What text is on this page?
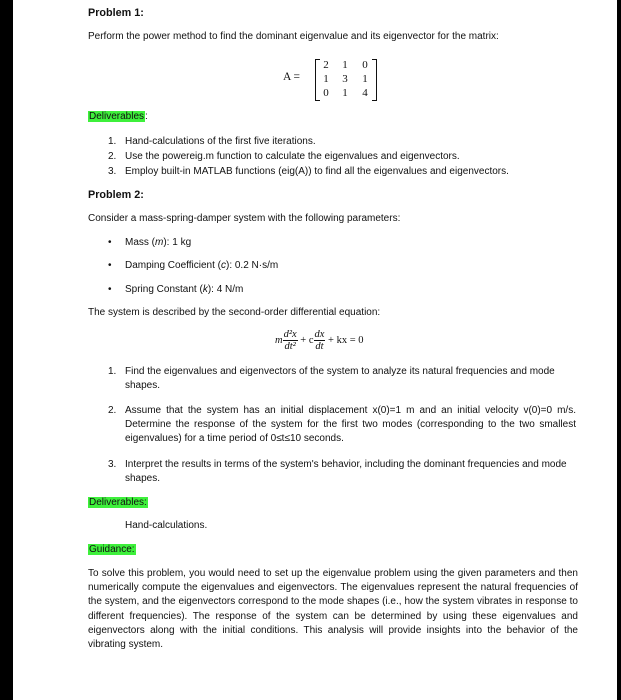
Problem 1:
Perform the power method to find the dominant eigenvalue and its eigenvector for the matrix:
A =
2	1	0
1	3	1
0	1	4
Deliverables:
1. Hand-calculations of the first five iterations.
2. Use the powereig.m function to calculate the eigenvalues and eigenvectors.
3. Employ built-in MATLAB functions (eig(A)) to find all the eigenvalues and eigenvectors.
Problem 2:
Consider a mass-spring-damper system with the following parameters:
• Mass (m): 1 kg
• Damping Coefficient (c): 0.2 N·s/m
• Spring Constant (k): 4 N/m
The system is described by the second-order differential equation:
m $\frac{\text{d²x}}{\text{dt²}} + c \frac{dx}{dt}$ + kx = 0
1. Find the eigenvalues and eigenvectors of the system to analyze its natural frequencies and mode shapes.
2. Assume that the system has an initial displacement x(0)=1 m and an initial velocity v(0)=0 m/s. Determine the response of the system for the first two modes (corresponding to the two smallest eigenvalues) for a time period of 0≤t≤10 seconds.
3. Interpret the results in terms of the system's behavior, including the dominant frequencies and mode shapes.
Deliverables:
Hand-calculations.
Guidance:
To solve this problem, you would need to set up the eigenvalue problem using the given parameters and then numerically compute the eigenvalues and eigenvectors. The eigenvalues represent the natural frequencies of the system, and the eigenvectors correspond to the mode shapes (i.e., how the system vibrates in response to different frequencies). The response of the system can be determined by using these eigenvalues and eigenvectors along with the initial conditions. This analysis will provide insights into the behavior of the vibrating system.
